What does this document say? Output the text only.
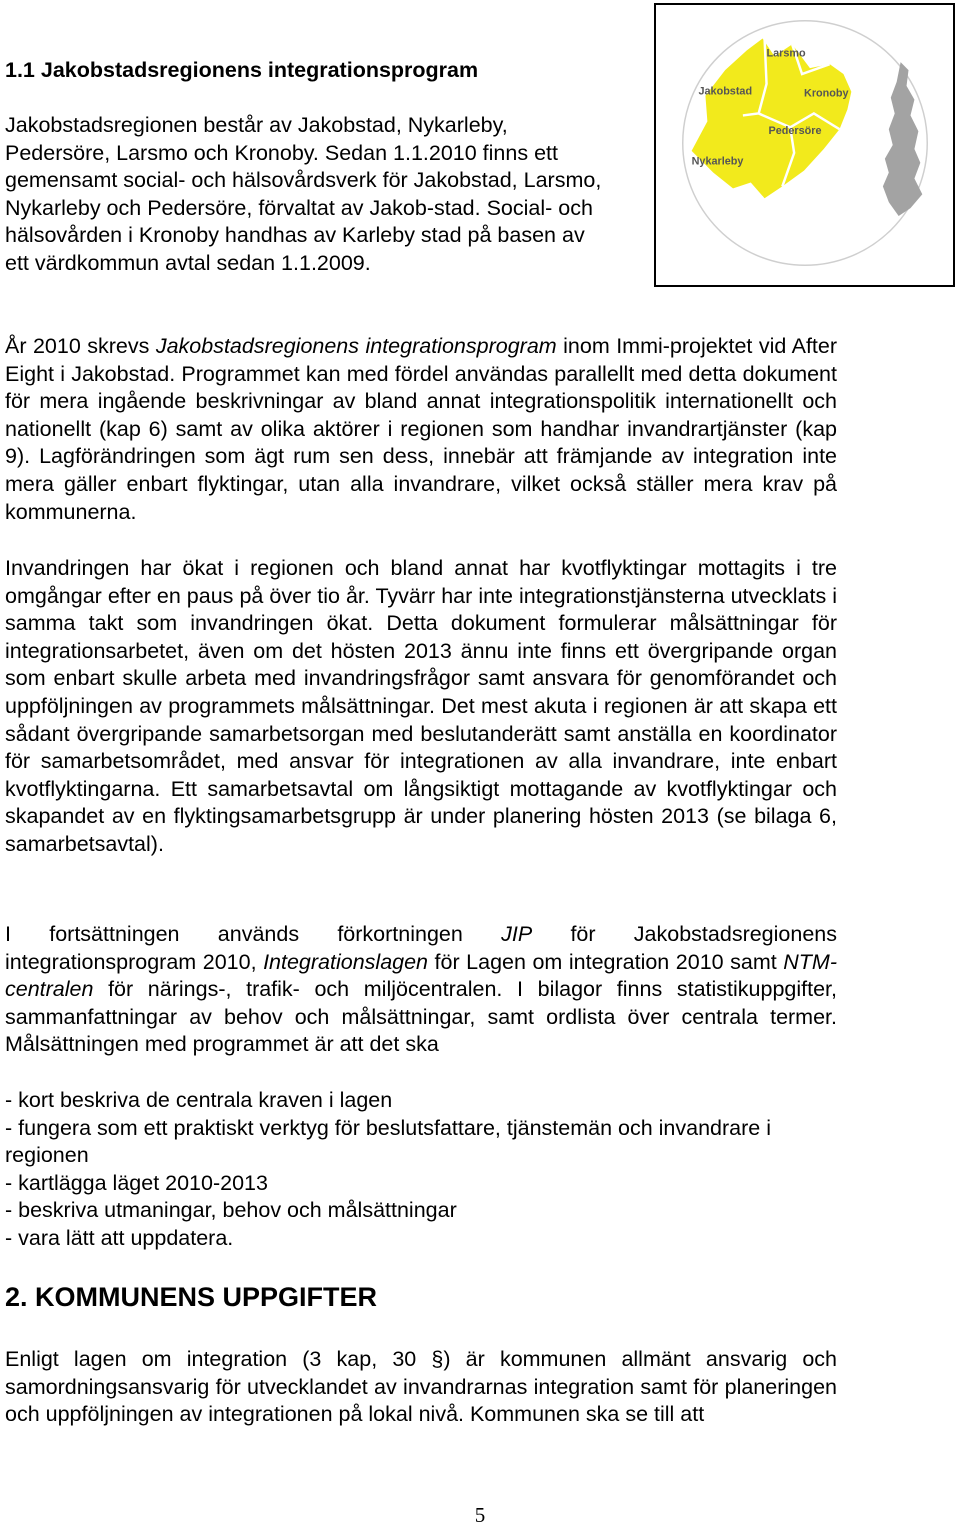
1.1 Jakobstadsregionens integrationsprogram

Jakobstadsregionen består av Jakobstad, Nykarleby, Pedersöre, Larsmo och Kronoby. Sedan 1.1.2010 finns ett gemensamt social- och hälsovårdsverk för Jakobstad, Larsmo, Nykarleby och Pedersöre, förvaltat av Jakob-stad. Social- och hälsovården i Kronoby handhas av Karleby stad på basen av ett värdkommun avtal sedan 1.1.2009.

Larsmo
Jakobstad	Kronoby
Pedersöre
Nykarleby

År 2010 skrevs Jakobstadsregionens integrationsprogram inom Immi-projektet vid After Eight i Jakobstad. Programmet kan med fördel användas parallellt med detta dokument för mera ingående beskrivningar av bland annat integrationspolitik internationellt och nationellt (kap 6) samt av olika aktörer i regionen som handhar invandrartjänster (kap 9). Lagförändringen som ägt rum sen dess, innebär att främjande av integration inte mera gäller enbart flyktingar, utan alla invandrare, vilket också ställer mera krav på kommunerna.

Invandringen har ökat i regionen och bland annat har kvotflyktingar mottagits i tre omgångar efter en paus på över tio år. Tyvärr har inte integrationstjänsterna utvecklats i samma takt som invandringen ökat. Detta dokument formulerar målsättningar för integrationsarbetet, även om det hösten 2013 ännu inte finns ett övergripande organ som enbart skulle arbeta med invandringsfrågor samt ansvara för genomförandet och uppföljningen av programmets målsättningar. Det mest akuta i regionen är att skapa ett sådant övergripande samarbetsorgan med beslutanderätt samt anställa en koordinator för samarbetsområdet, med ansvar för integrationen av alla invandrare, inte enbart kvotflyktingarna. Ett samarbetsavtal om långsiktigt mottagande av kvotflyktingar och skapandet av en flyktingsamarbetsgrupp är under planering hösten 2013 (se bilaga 6, samarbetsavtal).

I fortsättningen används förkortningen JIP för Jakobstadsregionens integrationsprogram 2010, Integrationslagen för Lagen om integration 2010 samt NTM-centralen för närings-, trafik- och miljöcentralen. I bilagor finns statistikuppgifter, sammanfattningar av behov och målsättningar, samt ordlista över centrala termer. Målsättningen med programmet är att det ska

- kort beskriva de centrala kraven i lagen
- fungera som ett praktiskt verktyg för beslutsfattare, tjänstemän och invandrare i regionen
- kartlägga läget 2010-2013
- beskriva utmaningar, behov och målsättningar
- vara lätt att uppdatera.
2. KOMMUNENS UPPGIFTER

Enligt lagen om integration (3 kap, 30 §) är kommunen allmänt ansvarig och samordningsansvarig för utvecklandet av invandrarnas integration samt för planeringen och uppföljningen av integrationen på lokal nivå. Kommunen ska se till att

5
